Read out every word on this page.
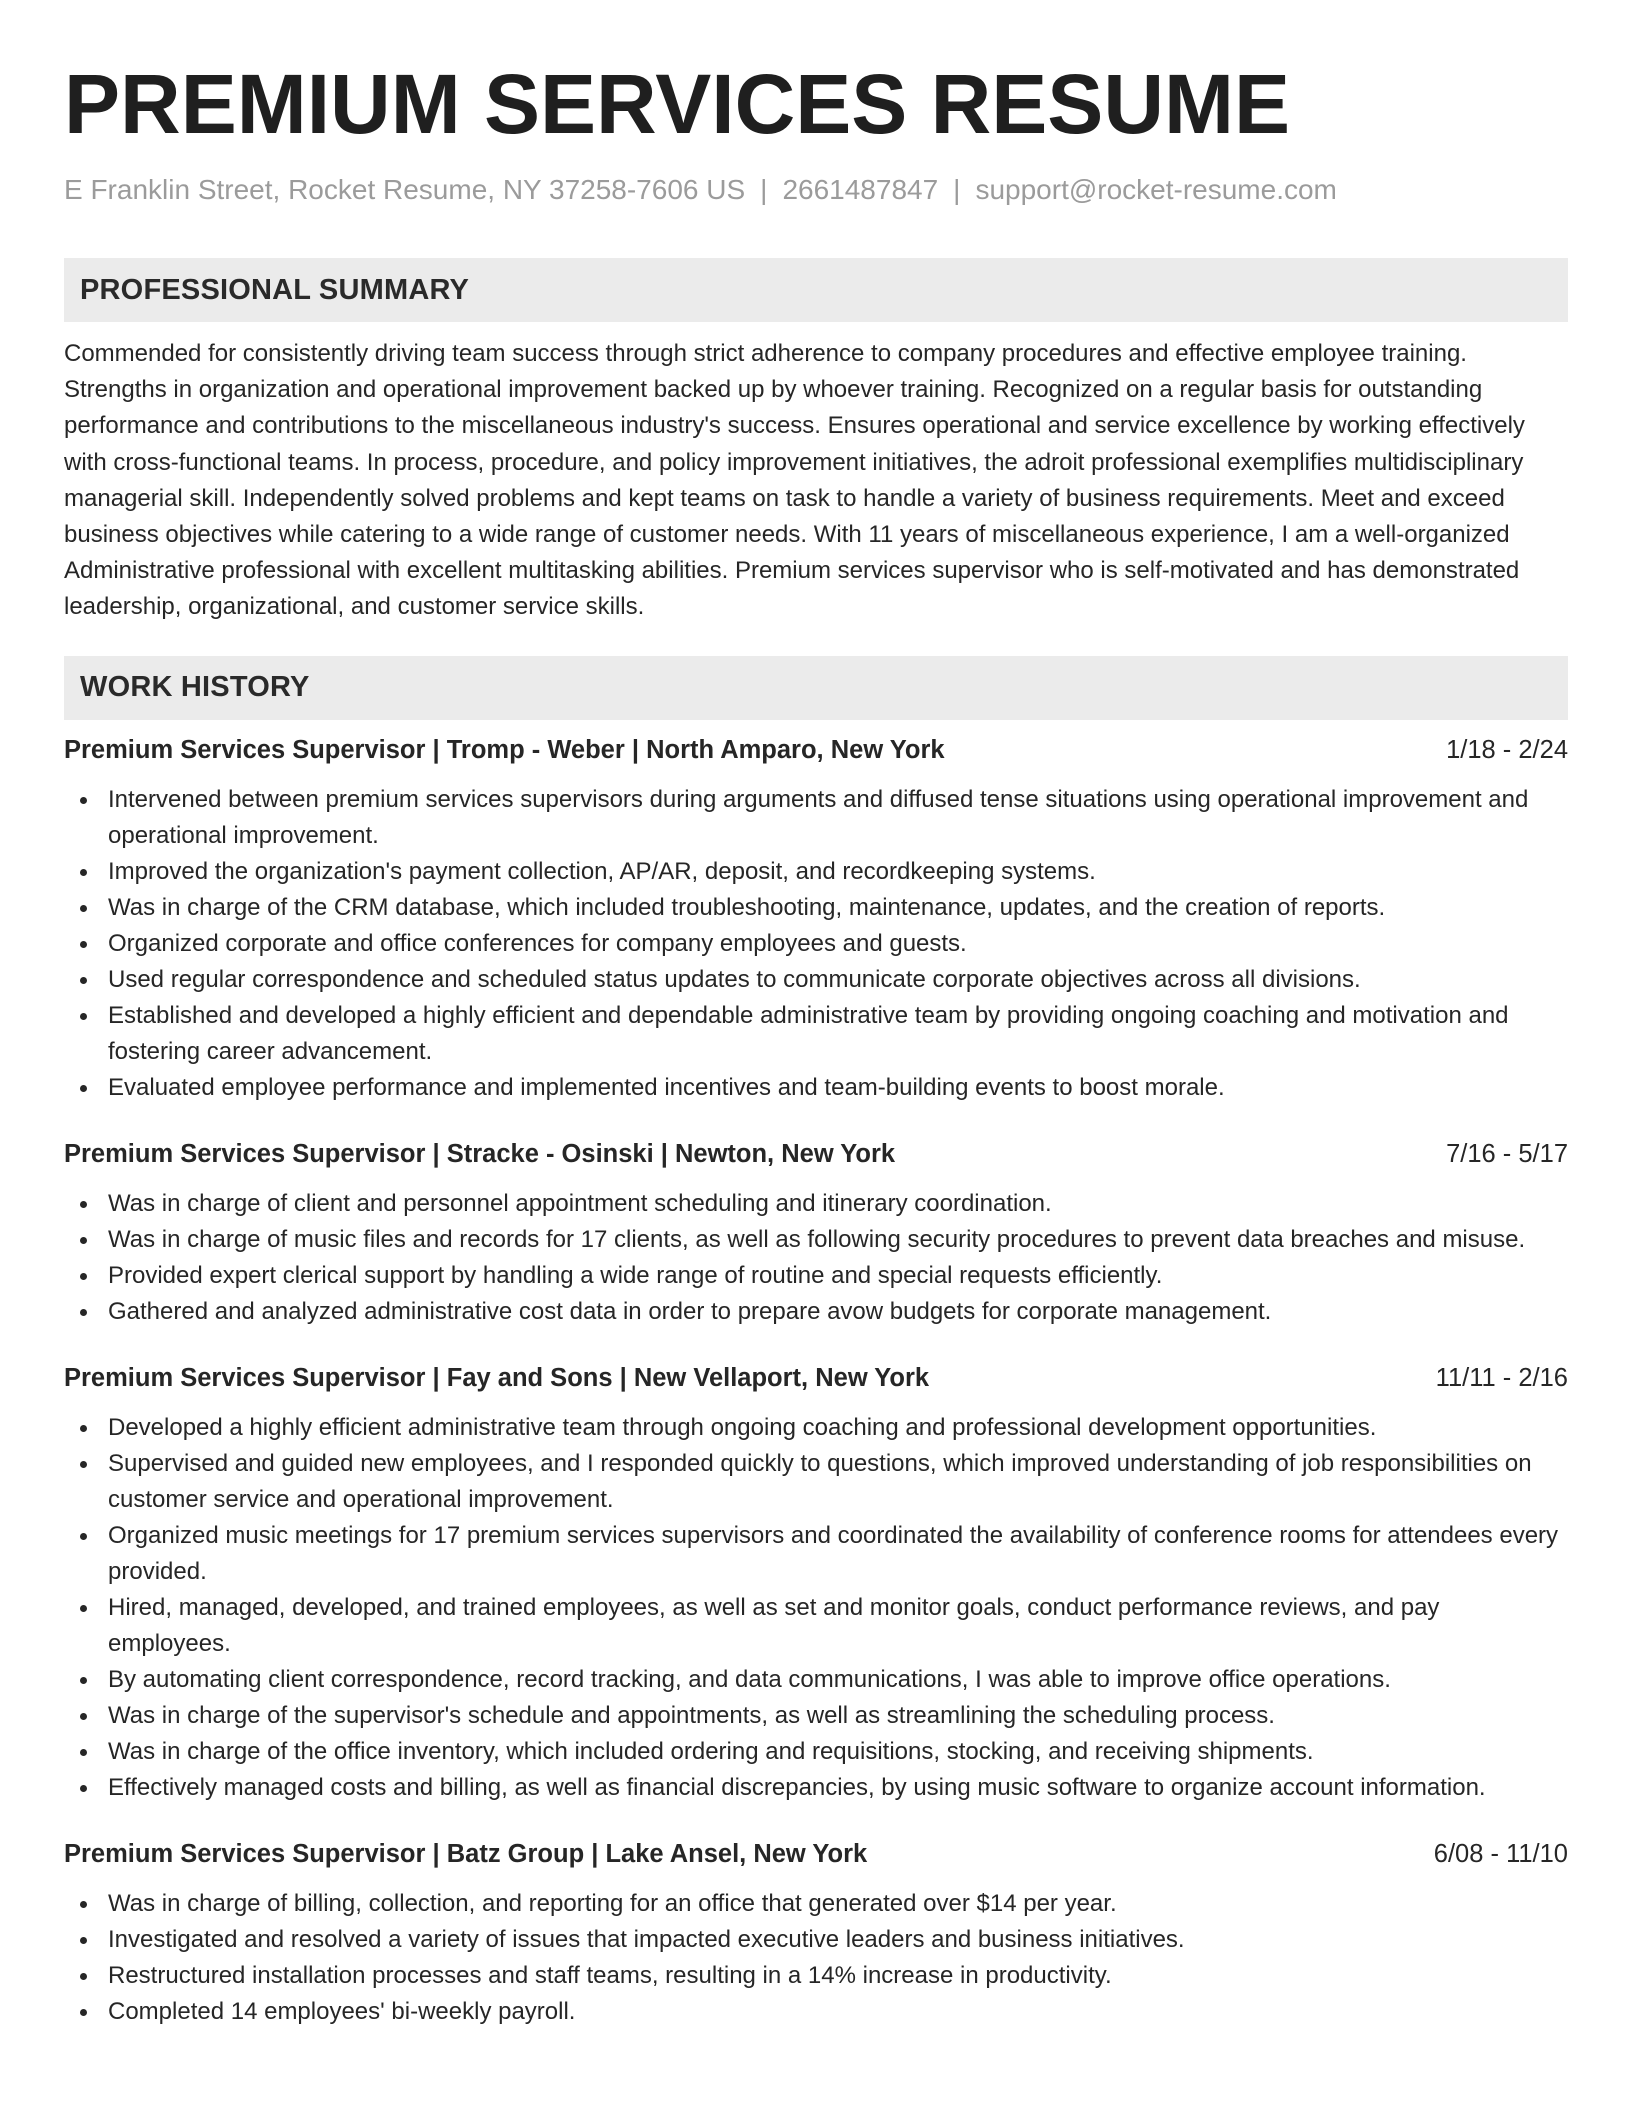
PREMIUM SERVICES RESUME
E Franklin Street, Rocket Resume, NY 37258-7606 US | 2661487847 | support@rocket-resume.com
PROFESSIONAL SUMMARY

Commended for consistently driving team success through strict adherence to company procedures and effective employee training. Strengths in organization and operational improvement backed up by whoever training. Recognized on a regular basis for outstanding performance and contributions to the miscellaneous industry's success. Ensures operational and service excellence by working effectively with cross-functional teams. In process, procedure, and policy improvement initiatives, the adroit professional exemplifies multidisciplinary managerial skill. Independently solved problems and kept teams on task to handle a variety of business requirements. Meet and exceed business objectives while catering to a wide range of customer needs. With 11 years of miscellaneous experience, I am a well-organized Administrative professional with excellent multitasking abilities. Premium services supervisor who is self-motivated and has demonstrated leadership, organizational, and customer service skills.

WORK HISTORY
Premium Services Supervisor | Tromp - Weber | North Amparo, New York	1/18 - 2/24
Intervened between premium services supervisors during arguments and diffused tense situations using operational improvement and operational improvement.
Improved the organization's payment collection, AP/AR, deposit, and recordkeeping systems.
Was in charge of the CRM database, which included troubleshooting, maintenance, updates, and the creation of reports.
Organized corporate and office conferences for company employees and guests.
Used regular correspondence and scheduled status updates to communicate corporate objectives across all divisions.
Established and developed a highly efficient and dependable administrative team by providing ongoing coaching and motivation and fostering career advancement.
Evaluated employee performance and implemented incentives and team-building events to boost morale.
Premium Services Supervisor | Stracke - Osinski | Newton, New York	7/16 - 5/17
Was in charge of client and personnel appointment scheduling and itinerary coordination.
Was in charge of music files and records for 17 clients, as well as following security procedures to prevent data breaches and misuse.
Provided expert clerical support by handling a wide range of routine and special requests efficiently.
Gathered and analyzed administrative cost data in order to prepare avow budgets for corporate management.
Premium Services Supervisor | Fay and Sons | New Vellaport, New York	11/11 - 2/16
Developed a highly efficient administrative team through ongoing coaching and professional development opportunities.
Supervised and guided new employees, and I responded quickly to questions, which improved understanding of job responsibilities on customer service and operational improvement.
Organized music meetings for 17 premium services supervisors and coordinated the availability of conference rooms for attendees every provided.
Hired, managed, developed, and trained employees, as well as set and monitor goals, conduct performance reviews, and pay employees.
By automating client correspondence, record tracking, and data communications, I was able to improve office operations.
Was in charge of the supervisor's schedule and appointments, as well as streamlining the scheduling process.
Was in charge of the office inventory, which included ordering and requisitions, stocking, and receiving shipments.
Effectively managed costs and billing, as well as financial discrepancies, by using music software to organize account information.
Premium Services Supervisor | Batz Group | Lake Ansel, New York	6/08 - 11/10
Was in charge of billing, collection, and reporting for an office that generated over $14 per year.
Investigated and resolved a variety of issues that impacted executive leaders and business initiatives.
Restructured installation processes and staff teams, resulting in a 14% increase in productivity.
Completed 14 employees' bi-weekly payroll.
